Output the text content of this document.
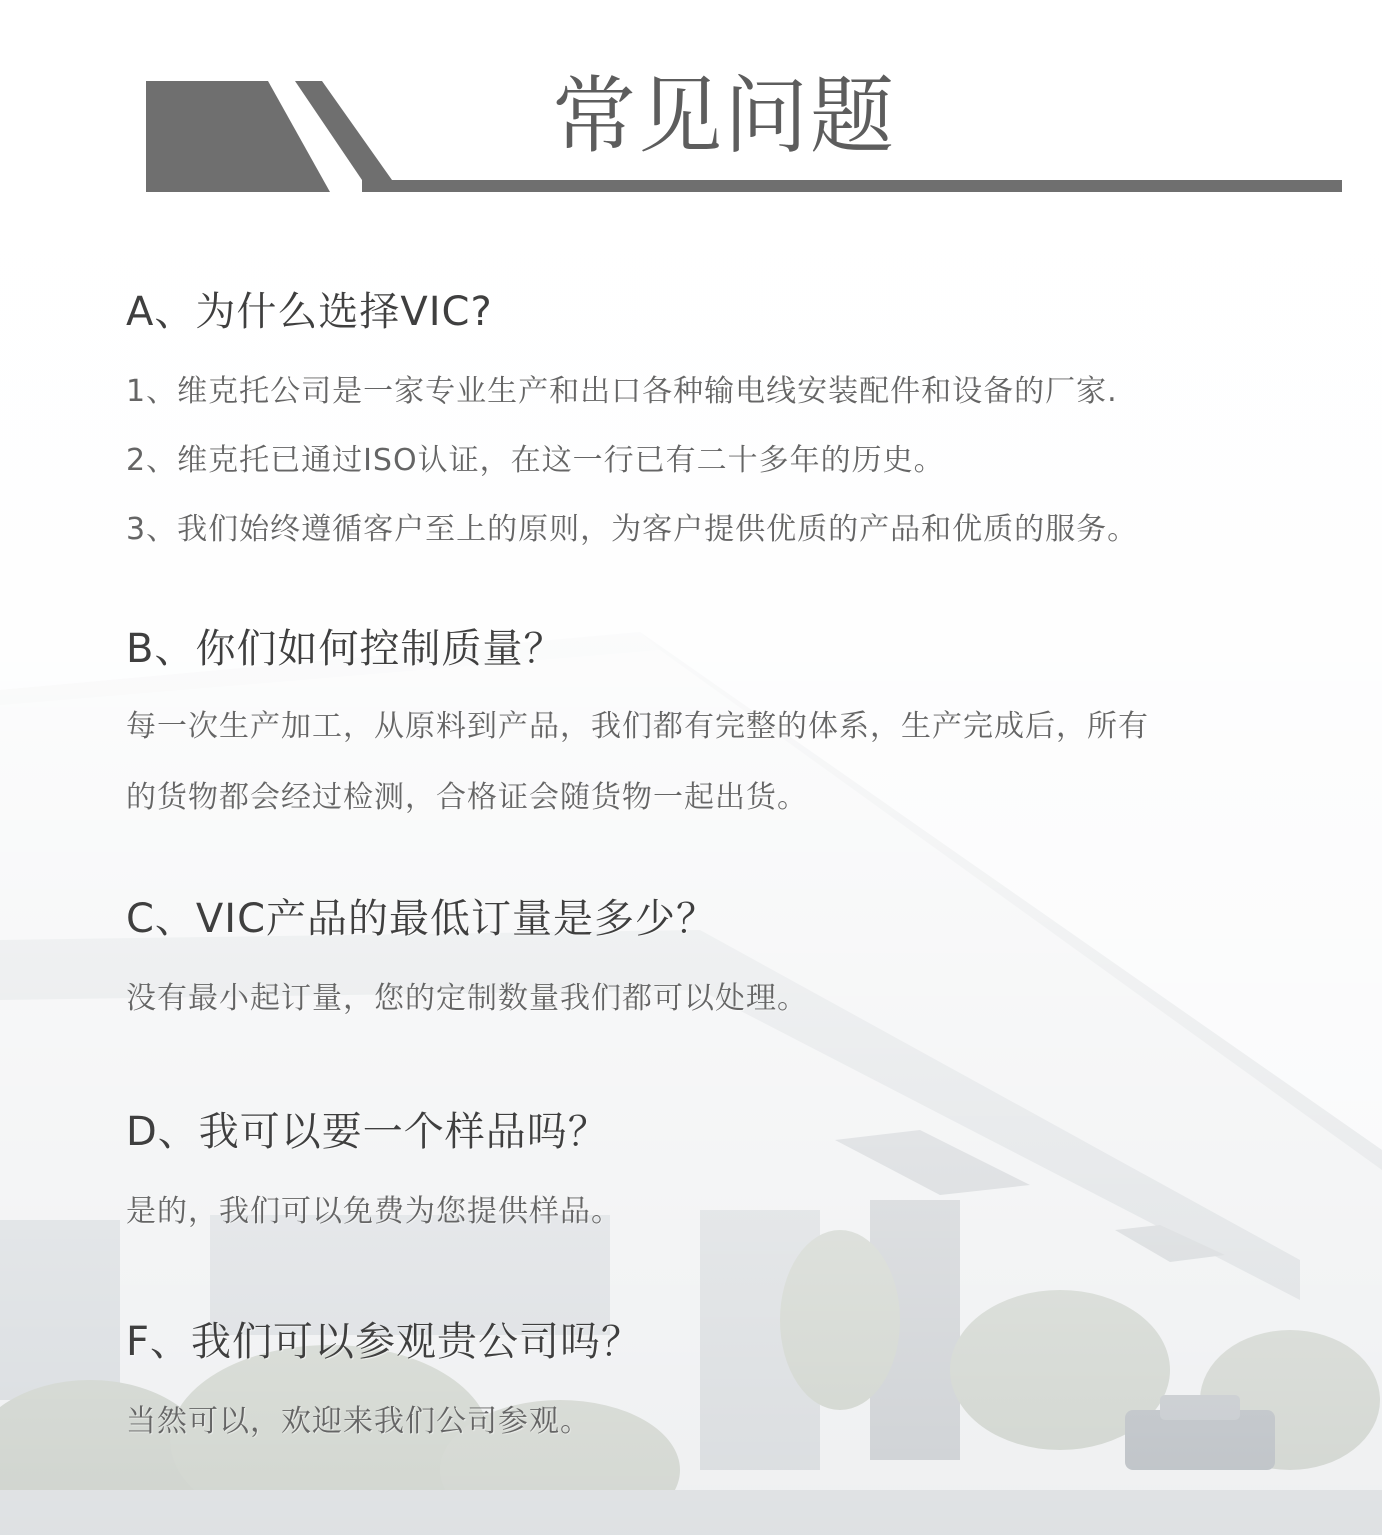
常见问题
A、为什么选择VIC?

1、维克托公司是一家专业生产和出口各种输电线安装配件和设备的厂家.

2、维克托已通过ISO认证，在这一行已有二十多年的历史。

3、我们始终遵循客户至上的原则，为客户提供优质的产品和优质的服务。

B、你们如何控制质量？

每一次生产加工，从原料到产品，我们都有完整的体系，生产完成后，所有

的货物都会经过检测，合格证会随货物一起出货。

C、VIC产品的最低订量是多少？

没有最小起订量，您的定制数量我们都可以处理。

D、我可以要一个样品吗？

是的，我们可以免费为您提供样品。

F、我们可以参观贵公司吗？

当然可以，欢迎来我们公司参观。
